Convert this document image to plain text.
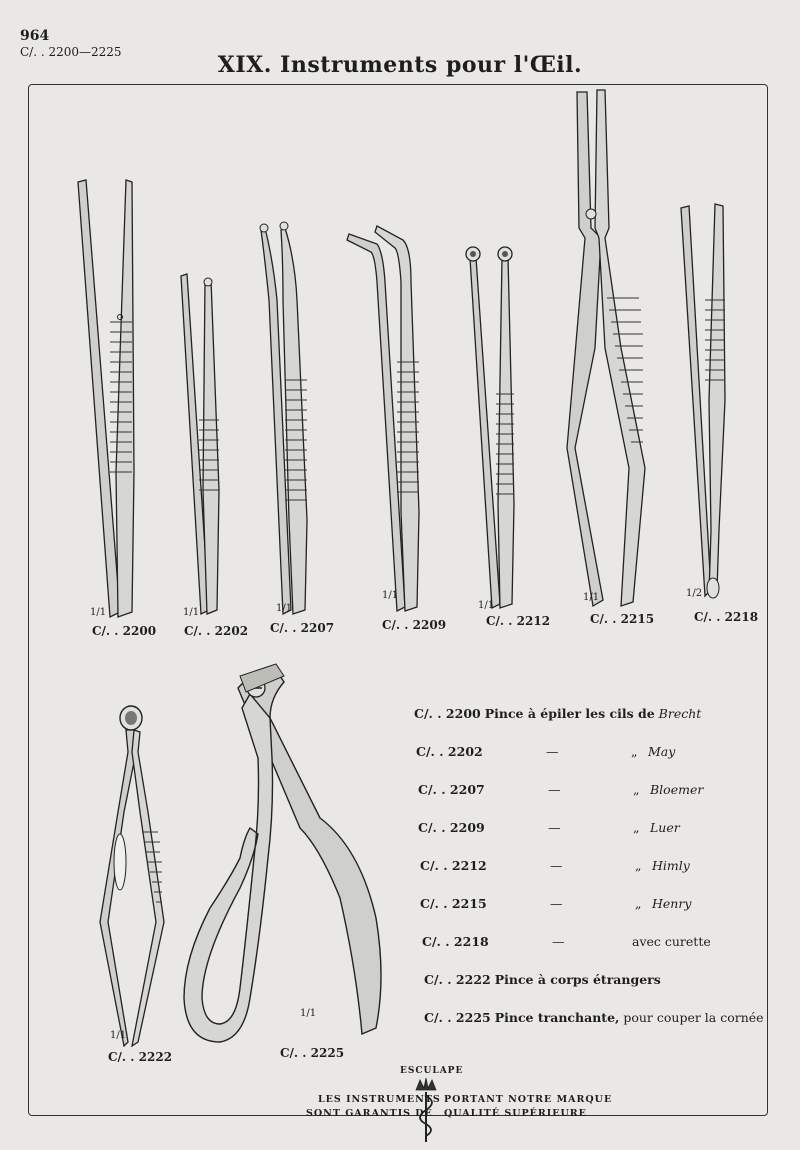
964
C/. . 2200—2225	XIX. Instruments pour l'Œil.
1/1
C/. . 2200
1/1
C/. . 2202
1/1
C/. . 2207
1/1
C/. . 2209
1/1
C/. . 2212
1/1
C/. . 2215
1/2
C/. . 2218
1/1
C/. . 2222
1/1
C/. . 2225
C/. . 2200 Pince à épiler les cils de Brecht
C/. . 2202	—	„ May
C/. . 2207	—	„ Bloemer
C/. . 2209	—	„ Luer
C/. . 2212	—	„ Himly
C/. . 2215	—	„ Henry
C/. . 2218	—	avec curette
C/. . 2222 Pince à corps étrangers
C/. . 2225 Pince tranchante, pour couper la cornée
ESCULAPE
LES INSTRUMENTS PORTANT NOTRE MARQUE
SONT GARANTIS DE QUALITÉ SUPÉRIEURE
